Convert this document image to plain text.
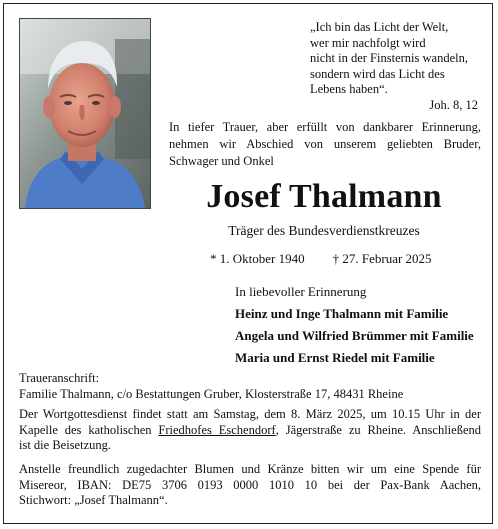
„Ich bin das Licht der Welt,
wer mir nachfolgt wird
nicht in der Finsternis wandeln,
sondern wird das Licht des
Lebens haben“.
Joh. 8, 12
In tiefer Trauer, aber erfüllt von dankbarer Erinnerung,
nehmen wir Abschied von unserem geliebten Bruder,
Schwager und Onkel
Josef Thalmann
Träger des Bundesverdienstkreuzes
* 1. Oktober 1940 † 27. Februar 2025
In liebevoller Erinnerung
Heinz und Inge Thalmann mit Familie
Angela und Wilfried Brümmer mit Familie
Maria und Ernst Riedel mit Familie
Traueranschrift:
Familie Thalmann, c/o Bestattungen Gruber, Klosterstraße 17, 48431 Rheine
Der Wortgottesdienst findet statt am Samstag, dem 8. März 2025, um 10.15 Uhr in der
Kapelle des katholischen Friedhofes Eschendorf, Jägerstraße zu Rheine. Anschließend
ist die Beisetzung.
Anstelle freundlich zugedachter Blumen und Kränze bitten wir um eine Spende für
Misereor, IBAN: DE75 3706 0193 0000 1010 10 bei der Pax-Bank Aachen,
Stichwort: „Josef Thalmann“.
